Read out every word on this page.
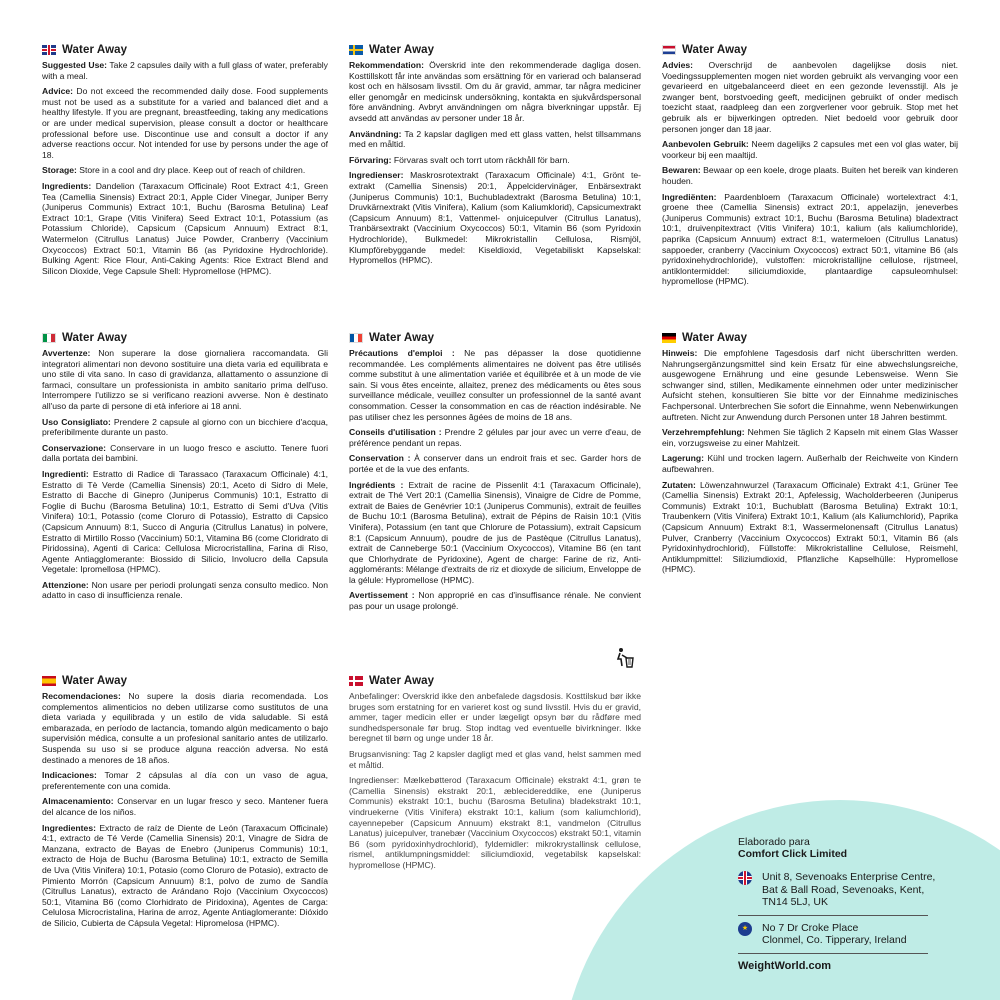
Water Away

Suggested Use: Take 2 capsules daily with a full glass of water, preferably with a meal.

Advice: Do not exceed the recommended daily dose. Food supplements must not be used as a substitute for a varied and balanced diet and a healthy lifestyle. If you are pregnant, breastfeeding, taking any medications or are under medical supervision, please consult a doctor or healthcare professional before use. Discontinue use and consult a doctor if any adverse reactions occur. Not intended for use by persons under the age of 18.

Storage: Store in a cool and dry place. Keep out of reach of children.

Ingredients: Dandelion (Taraxacum Officinale) Root Extract 4:1, Green Tea (Camellia Sinensis) Extract 20:1, Apple Cider Vinegar, Juniper Berry (Juniperus Communis) Extract 10:1, Buchu (Barosma Betulina) Leaf Extract 10:1, Grape (Vitis Vinifera) Seed Extract 10:1, Potassium (as Potassium Chloride), Capsicum (Capsicum Annuum) Extract 8:1, Watermelon (Citrullus Lanatus) Juice Powder, Cranberry (Vaccinium Oxycoccos) Extract 50:1, Vitamin B6 (as Pyridoxine Hydrochloride). Bulking Agent: Rice Flour, Anti-Caking Agents: Rice Extract Blend and Silicon Dioxide, Vege Capsule Shell: Hypromellose (HPMC).

Water Away

Rekommendation: Överskrid inte den rekommenderade dagliga dosen. Kosttillskott får inte användas som ersättning för en varierad och balanserad kost och en hälsosam livsstil. Om du är gravid, ammar, tar några mediciner eller genomgår en medicinsk undersökning, kontakta en sjukvårdspersonal före användning. Avbryt användningen om några biverkningar uppstår. Ej avsedd att användas av personer under 18 år.

Användning: Ta 2 kapslar dagligen med ett glass vatten, helst tillsammans med en måltid.

Förvaring: Förvaras svalt och torrt utom räckhåll för barn.

Ingredienser: Maskrosrotextrakt (Taraxacum Officinale) 4:1, Grönt te-extrakt (Camellia Sinensis) 20:1, Äppelcidervinäger, Enbärsextrakt (Juniperus Communis) 10:1, Buchubladextrakt (Barosma Betulina) 10:1, Druvkärnextrakt (Vitis Vinifera), Kalium (som Kaliumklorid), Capsicumextrakt (Capsicum Annuum) 8:1, Vattenmel- onjuicepulver (Citrullus Lanatus), Tranbärsextrakt (Vaccinium Oxycoccos) 50:1, Vitamin B6 (som Pyridoxin Hydrochloride), Bulkmedel: Mikrokristallin Cellulosa, Rismjöl, Klumpförebyggande medel: Kiseldioxid, Vegetabiliskt Kapselskal: Hypromellos (HPMC).

Water Away

Advies: Overschrijd de aanbevolen dagelijkse dosis niet. Voedingssupplementen mogen niet worden gebruikt als vervanging voor een gevarieerd en uitgebalanceerd dieet en een gezonde levensstijl. Als je zwanger bent, borstvoeding geeft, medicijnen gebruikt of onder medisch toezicht staat, raadpleeg dan een zorgverlener voor gebruik. Stop met het gebruik als er bijwerkingen optreden. Niet bedoeld voor gebruik door personen jonger dan 18 jaar.

Aanbevolen Gebruik: Neem dagelijks 2 capsules met een vol glas water, bij voorkeur bij een maaltijd.

Bewaren: Bewaar op een koele, droge plaats. Buiten het bereik van kinderen houden.

Ingrediënten: Paardenbloem (Taraxacum Officinale) wortelextract 4:1, groene thee (Camellia Sinensis) extract 20:1, appelazijn, jeneverbes (Juniperus Communis) extract 10:1, Buchu (Barosma Betulina) bladextract 10:1, druivenpitextract (Vitis Vinifera) 10:1, kalium (als kaliumchloride), paprika (Capsicum Annuum) extract 8:1, watermeloen (Citrullus Lanatus) sappoeder, cranberry (Vaccinium Oxycoccos) extract 50:1, vitamine B6 (als pyridoxinehydrochloride), vulstoffen: microkristallijne cellulose, rijstmeel, antiklontermiddel: siliciumdioxide, plantaardige capsuleomhulsel: hypromellose (HPMC).

Water Away

Avvertenze: Non superare la dose giornaliera raccomandata. Gli integratori alimentari non devono sostituire una dieta varia ed equilibrata e uno stile di vita sano. In caso di gravidanza, allattamento o assunzione di farmaci, consultare un professionista in ambito sanitario prima dell'uso. Interrompere l'utilizzo se si verificano reazioni avverse. Non è destinato all'uso da parte di persone di età inferiore ai 18 anni.

Uso Consigliato: Prendere 2 capsule al giorno con un bicchiere d'acqua, preferibilmente durante un pasto.

Conservazione: Conservare in un luogo fresco e asciutto. Tenere fuori dalla portata dei bambini.

Ingredienti: Estratto di Radice di Tarassaco (Taraxacum Officinale) 4:1, Estratto di Tè Verde (Camellia Sinensis) 20:1, Aceto di Sidro di Mele, Estratto di Bacche di Ginepro (Juniperus Communis) 10:1, Estratto di Foglie di Buchu (Barosma Betulina) 10:1, Estratto di Semi d'Uva (Vitis Vinifera) 10:1, Potassio (come Cloruro di Potassio), Estratto di Capsico (Capsicum Annuum) 8:1, Succo di Anguria (Citrullus Lanatus) in polvere, Estratto di Mirtillo Rosso (Vaccinium) 50:1, Vitamina B6 (come Cloridrato di Piridossina), Agenti di Carica: Cellulosa Microcristallina, Farina di Riso, Agente Antiagglomerante: Biossido di Silicio, Involucro della Capsula Vegetale: Ipromellosa (HPMC).

Attenzione: Non usare per periodi prolungati senza consulto medico. Non adatto in caso di insufficienza renale.

Water Away

Précautions d'emploi : Ne pas dépasser la dose quotidienne recommandée. Les compléments alimentaires ne doivent pas être utilisés comme substitut à une alimentation variée et équilibrée et à un mode de vie sain. Si vous êtes enceinte, allaitez, prenez des médicaments ou êtes sous surveillance médicale, veuillez consulter un professionnel de la santé avant consommation. Cesser la consommation en cas de réaction indésirable. Ne pas utiliser chez les personnes âgées de moins de 18 ans.

Conseils d'utilisation : Prendre 2 gélules par jour avec un verre d'eau, de préférence pendant un repas.

Conservation : À conserver dans un endroit frais et sec. Garder hors de portée et de la vue des enfants.

Ingrédients : Extrait de racine de Pissenlit 4:1 (Taraxacum Officinale), extrait de Thé Vert 20:1 (Camellia Sinensis), Vinaigre de Cidre de Pomme, extrait de Baies de Genévrier 10:1 (Juniperus Communis), extrait de feuilles de Buchu 10:1 (Barosma Betulina), extrait de Pépins de Raisin 10:1 (Vitis Vinifera), Potassium (en tant que Chlorure de Potassium), extrait Capsicum 8:1 (Capsicum Annuum), poudre de jus de Pastèque (Citrullus Lanatus), extrait de Canneberge 50:1 (Vaccinium Oxycoccos), Vitamine B6 (en tant que Chlorhydrate de Pyridoxine), Agent de charge: Farine de riz, Anti-agglomérants: Mélange d'extraits de riz et dioxyde de silicium, Enveloppe de la gélule: Hypromellose (HPMC).

Avertissement : Non approprié en cas d'insuffisance rénale. Ne convient pas pour un usage prolongé.

Water Away

Hinweis: Die empfohlene Tagesdosis darf nicht überschritten werden. Nahrungsergänzungsmittel sind kein Ersatz für eine abwechslungsreiche, ausgewogene Ernährung und eine gesunde Lebensweise. Wenn Sie schwanger sind, stillen, Medikamente einnehmen oder unter medizinischer Aufsicht stehen, konsultieren Sie bitte vor der Einnahme medizinisches Fachpersonal. Unterbrechen Sie sofort die Einnahme, wenn Nebenwirkungen auftreten. Nicht zur Anwendung durch Personen unter 18 Jahren bestimmt.

Verzehrempfehlung: Nehmen Sie täglich 2 Kapseln mit einem Glas Wasser ein, vorzugsweise zu einer Mahlzeit.

Lagerung: Kühl und trocken lagern. Außerhalb der Reichweite von Kindern aufbewahren.

Zutaten: Löwenzahnwurzel (Taraxacum Officinale) Extrakt 4:1, Grüner Tee (Camellia Sinensis) Extrakt 20:1, Apfelessig, Wacholderbeeren (Juniperus Communis) Extrakt 10:1, Buchublatt (Barosma Betulina) Extrakt 10:1, Traubenkern (Vitis Vinifera) Extrakt 10:1, Kalium (als Kaliumchlorid), Paprika (Capsicum Annuum) Extrakt 8:1, Wassermelonensaft (Citrullus Lanatus) Pulver, Cranberry (Vaccinium Oxycoccos) Extrakt 50:1, Vitamin B6 (als Pyridoxinhydrochlorid), Füllstoffe: Mikrokristalline Cellulose, Reismehl, Antiklumpmittel: Siliziumdioxid, Pflanzliche Kapselhülle: Hypromellose (HPMC).

Water Away

Recomendaciones: No supere la dosis diaria recomendada. Los complementos alimenticios no deben utilizarse como sustitutos de una dieta variada y equilibrada y un estilo de vida saludable. Si está embarazada, en período de lactancia, tomando algún medicamento o bajo supervisión médica, consulte a un profesional sanitario antes de utilizarlo. Suspenda su uso si se produce alguna reacción adversa. No está destinado a menores de 18 años.

Indicaciones: Tomar 2 cápsulas al día con un vaso de agua, preferentemente con una comida.

Almacenamiento: Conservar en un lugar fresco y seco. Mantener fuera del alcance de los niños.

Ingredientes: Extracto de raíz de Diente de León (Taraxacum Officinale) 4:1, extracto de Té Verde (Camellia Sinensis) 20:1, Vinagre de Sidra de Manzana, extracto de Bayas de Enebro (Juniperus Communis) 10:1, extracto de Hoja de Buchu (Barosma Betulina) 10:1, extracto de Semilla de Uva (Vitis Vinifera) 10:1, Potasio (como Cloruro de Potasio), extracto de Pimiento Morrón (Capsicum Annuum) 8:1, polvo de zumo de Sandía (Citrullus Lanatus), extracto de Arándano Rojo (Vaccinium Oxycoccos) 50:1, Vitamina B6 (como Clorhidrato de Piridoxina), Agentes de Carga: Celulosa Microcristalina, Harina de arroz, Agente Antiaglomerante: Dióxido de Silicio, Cubierta de Cápsula Vegetal: Hipromelosa (HPMC).

Water Away

Anbefalinger: Overskrid ikke den anbefalede dagsdosis. Kosttilskud bør ikke bruges som erstatning for en varieret kost og sund livsstil. Hvis du er gravid, ammer, tager medicin eller er under lægeligt opsyn bør du rådføre med sundhedspersonale før brug. Stop indtag ved eventuelle bivirkninger. Ikke beregnet til børn og unge under 18 år.

Brugsanvisning: Tag 2 kapsler dagligt med et glas vand, helst sammen med et måltid.

Ingredienser: Mælkebøtterod (Taraxacum Officinale) ekstrakt 4:1, grøn te (Camellia Sinensis) ekstrakt 20:1, æblecidereddike, ene (Juniperus Communis) ekstrakt 10:1, buchu (Barosma Betulina) bladekstrakt 10:1, vindruekerne (Vitis Vinifera) ekstrakt 10:1, kalium (som kaliumchlorid), cayennepeber (Capsicum Annuum) ekstrakt 8:1, vandmelon (Citrullus Lanatus) juicepulver, tranebær (Vaccinium Oxycoccos) ekstrakt 50:1, vitamin B6 (som pyridoxinhydrochlorid), fyldemidler: mikrokrystallinsk cellulose, rismel, antiklumpningsmiddel: siliciumdioxid, vegetabilsk kapselskal: hypromellose (HPMC).

Elaborado para
Comfort Click Limited
Unit 8, Sevenoaks Enterprise Centre,
Bat & Ball Road, Sevenoaks, Kent,
TN14 5LJ, UK
★
No 7 Dr Croke Place
Clonmel, Co. Tipperary, Ireland
WeightWorld.com
